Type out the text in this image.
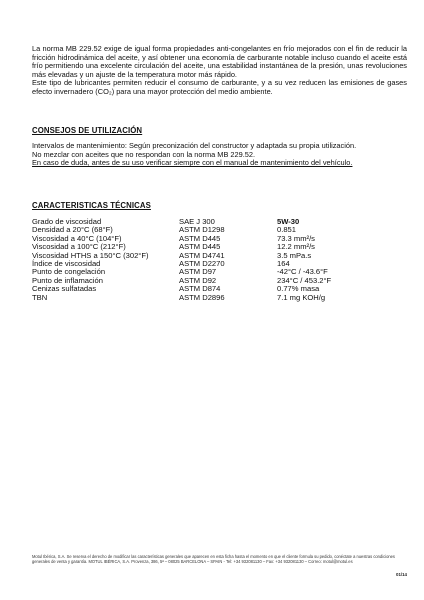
La norma MB 229.52 exige de igual forma propiedades anti-congelantes en frío mejorados con el fin de reducir la fricción hidrodinámica del aceite, y así obtener una economía de carburante notable incluso cuando el aceite está frío permitiendo una excelente circulación del aceite, una estabilidad instantánea de la presión, unas revoluciones más elevadas y un ajuste de la temperatura motor más rápido.

Este tipo de lubricantes permiten reducir el consumo de carburante, y a su vez reducen las emisiones de gases efecto invernadero (CO₂) para una mayor protección del medio ambiente.

CONSEJOS DE UTILIZACIÓN

Intervalos de mantenimiento: Según preconización del constructor y adaptada su propia utilización.

No mezclar con aceites que no respondan con la norma MB 229.52.

En caso de duda, antes de su uso verificar siempre con el manual de mantenimiento del vehículo.

CARACTERISTICAS TÉCNICAS
Grado de viscosidad	SAE J 300	5W-30
Densidad a 20°C (68°F)	ASTM D1298	0.851
Viscosidad a 40°C (104°F)	ASTM D445	73.3 mm²/s
Viscosidad a 100°C (212°F)	ASTM D445	12.2 mm²/s
Viscosidad HTHS a 150°C (302°F)	ASTM D4741	3.5 mPa.s
Índice de viscosidad	ASTM D2270	164
Punto de congelación	ASTM D97	-42°C / -43.6°F
Punto de inflamación	ASTM D92	234°C / 453.2°F
Cenizas sulfatadas	ASTM D874	0.77% masa
TBN	ASTM D2896	7.1 mg KOH/g

Motul Ibérica, S.A. Se reserva el derecho de modificar las características generales que aparecen en esta ficha hasta el momento en que el cliente formula su pedido, conéctate a nuestras condiciones

generales de venta y garantía. MOTUL IBÉRICA, S.A. Provenza, 386, 5ª – 08025 BARCELONA – SPAIN - Tel: +34 932081130 – Fax: +34 932081130 – Correo: motul@motul.es

01/14
